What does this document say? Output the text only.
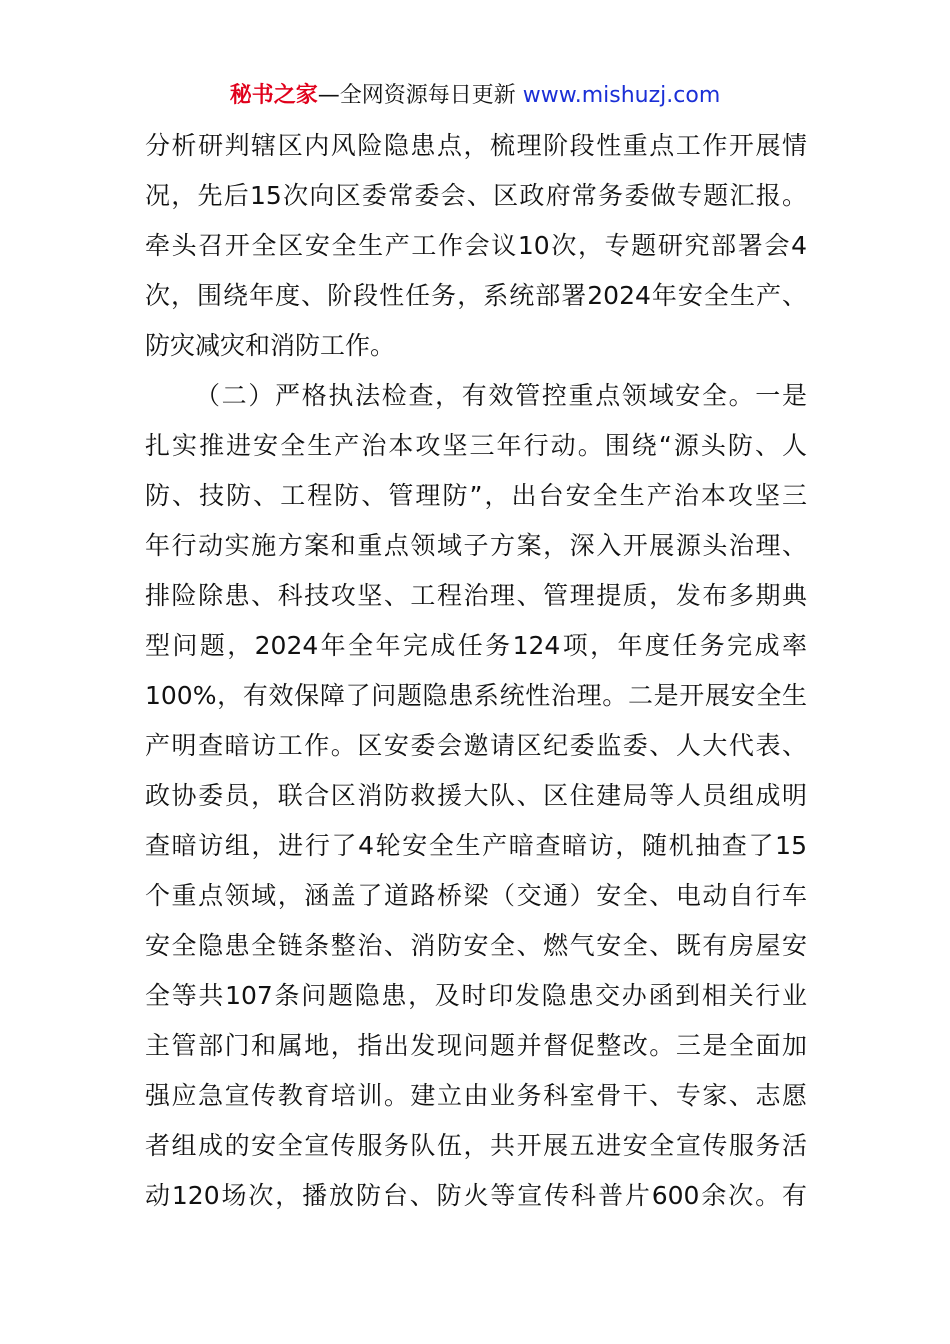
秘书之家—全网资源每日更新 www.mishuzj.com
分析研判辖区内风险隐患点，梳理阶段性重点工作开展情
况，先后15次向区委常委会、区政府常务委做专题汇报。
牵头召开全区安全生产工作会议10次，专题研究部署会4
次，围绕年度、阶段性任务，系统部署2024年安全生产、
防灾减灾和消防工作。
（二）严格执法检查，有效管控重点领域安全。一是
扎实推进安全生产治本攻坚三年行动。围绕“源头防、人
防、技防、工程防、管理防”，出台安全生产治本攻坚三
年行动实施方案和重点领域子方案，深入开展源头治理、
排险除患、科技攻坚、工程治理、管理提质，发布多期典
型问题，2024年全年完成任务124项，年度任务完成率
100%，有效保障了问题隐患系统性治理。二是开展安全生
产明查暗访工作。区安委会邀请区纪委监委、人大代表、
政协委员，联合区消防救援大队、区住建局等人员组成明
查暗访组，进行了4轮安全生产暗查暗访，随机抽查了15
个重点领域，涵盖了道路桥梁（交通）安全、电动自行车
安全隐患全链条整治、消防安全、燃气安全、既有房屋安
全等共107条问题隐患，及时印发隐患交办函到相关行业
主管部门和属地，指出发现问题并督促整改。三是全面加
强应急宣传教育培训。建立由业务科室骨干、专家、志愿
者组成的安全宣传服务队伍，共开展五进安全宣传服务活
动120场次，播放防台、防火等宣传科普片600余次。有
